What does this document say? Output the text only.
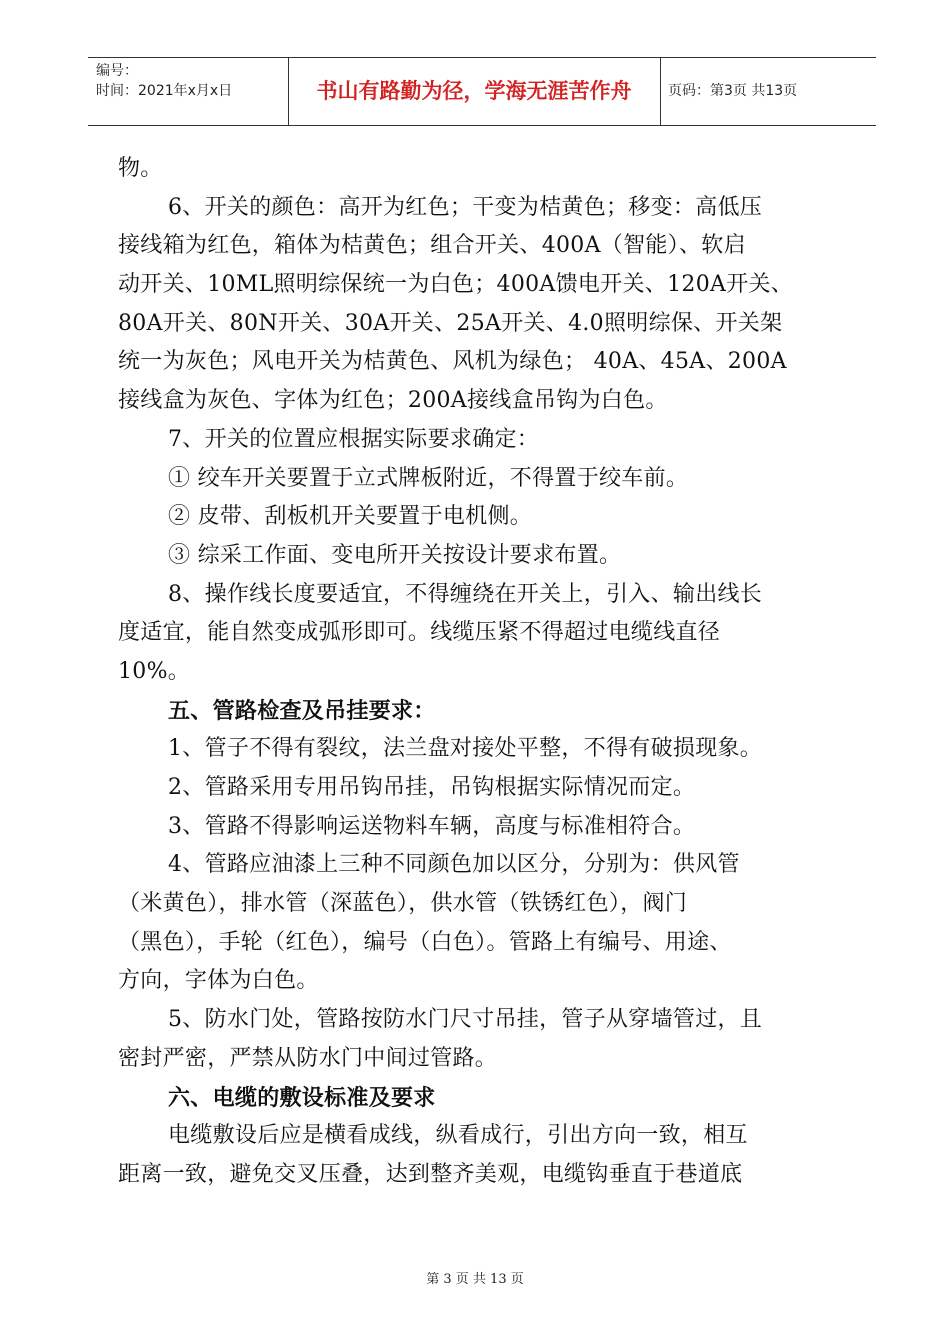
编号：
时间：2021年x月x日	书山有路勤为径，学海无涯苦作舟	页码：第3页 共13页
物。
6、开关的颜色：高开为红色；干变为桔黄色；移变：高低压
接线箱为红色，箱体为桔黄色；组合开关、400A（智能）、软启
动开关、10ML照明综保统一为白色；400A馈电开关、120A开关、
80A开关、80N开关、30A开关、25A开关、4.0照明综保、开关架
统一为灰色；风电开关为桔黄色、风机为绿色； 40A、45A、200A
接线盒为灰色、字体为红色；200A接线盒吊钩为白色。
7、开关的位置应根据实际要求确定：
① 绞车开关要置于立式牌板附近，不得置于绞车前。
② 皮带、刮板机开关要置于电机侧。
③ 综采工作面、变电所开关按设计要求布置。
8、操作线长度要适宜，不得缠绕在开关上，引入、输出线长
度适宜，能自然变成弧形即可。线缆压紧不得超过电缆线直径
10%。
五、管路检查及吊挂要求：
1、管子不得有裂纹，法兰盘对接处平整，不得有破损现象。
2、管路采用专用吊钩吊挂，吊钩根据实际情况而定。
3、管路不得影响运送物料车辆，高度与标准相符合。
4、管路应油漆上三种不同颜色加以区分，分别为：供风管
（米黄色），排水管（深蓝色），供水管（铁锈红色），阀门
（黑色），手轮（红色），编号（白色）。管路上有编号、用途、
方向，字体为白色。
5、防水门处，管路按防水门尺寸吊挂，管子从穿墙管过，且
密封严密，严禁从防水门中间过管路。
六、电缆的敷设标准及要求
电缆敷设后应是横看成线，纵看成行，引出方向一致，相互
距离一致，避免交叉压叠，达到整齐美观，电缆钩垂直于巷道底
第 3 页 共 13 页
